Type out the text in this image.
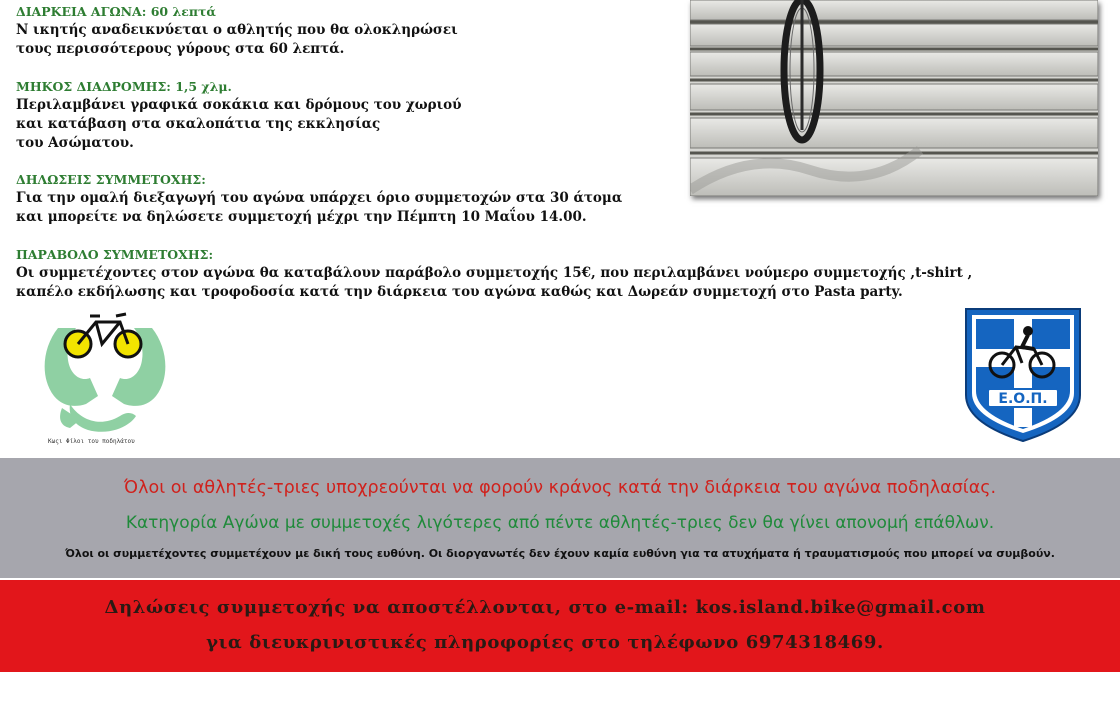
ΔΙΑΡΚΕΙΑ ΑΓΩΝΑ: 60 λεπτά
Ν ικητής αναδεικνύεται ο αθλητής που θα ολοκληρώσει
τους περισσότερους γύρους στα 60 λεπτά.
ΜΗΚΟΣ ΔΙΑΔΡΟΜΗΣ: 1,5 χλμ.
Περιλαμβάνει γραφικά σοκάκια και δρόμους του χωριού
και κατάβαση στα σκαλοπάτια της εκκλησίας
του Ασώματου.
ΔΗΛΩΣΕΙΣ ΣΥΜΜΕΤΟΧΗΣ:
Για την ομαλή διεξαγωγή του αγώνα υπάρχει όριο συμμετοχών στα 30 άτομα
και μπορείτε να δηλώσετε συμμετοχή μέχρι την Πέμπτη 10 Μαΐου 14.00.
ΠΑΡΑΒΟΛΟ ΣΥΜΜΕΤΟΧΗΣ:
Οι συμμετέχοντες στον αγώνα θα καταβάλουν παράβολο συμμετοχής 15€, που περιλαμβάνει νούμερο συμμετοχής ,t-shirt ,
καπέλο εκδήλωσης και τροφοδοσία κατά την διάρκεια του αγώνα καθώς και Δωρεάν συμμετοχή στο Pasta party.
Κωςι Φίλοι του ποδηλάτου
Ε.Ο.Π.
Όλοι οι αθλητές-τριες υποχρεούνται να φορούν κράνος κατά την διάρκεια του αγώνα ποδηλασίας.
Κατηγορία Αγώνα με συμμετοχές λιγότερες από πέντε αθλητές-τριες δεν θα γίνει απονομή επάθλων.
Όλοι οι συμμετέχοντες συμμετέχουν με δική τους ευθύνη. Οι διοργανωτές δεν έχουν καμία ευθύνη για τα ατυχήματα ή τραυματισμούς που μπορεί να συμβούν.
Δηλώσεις συμμετοχής να αποστέλλονται, στο e-mail: kos.island.bike@gmail.com
για διευκρινιστικές πληροφορίες στο τηλέφωνο 6974318469.
